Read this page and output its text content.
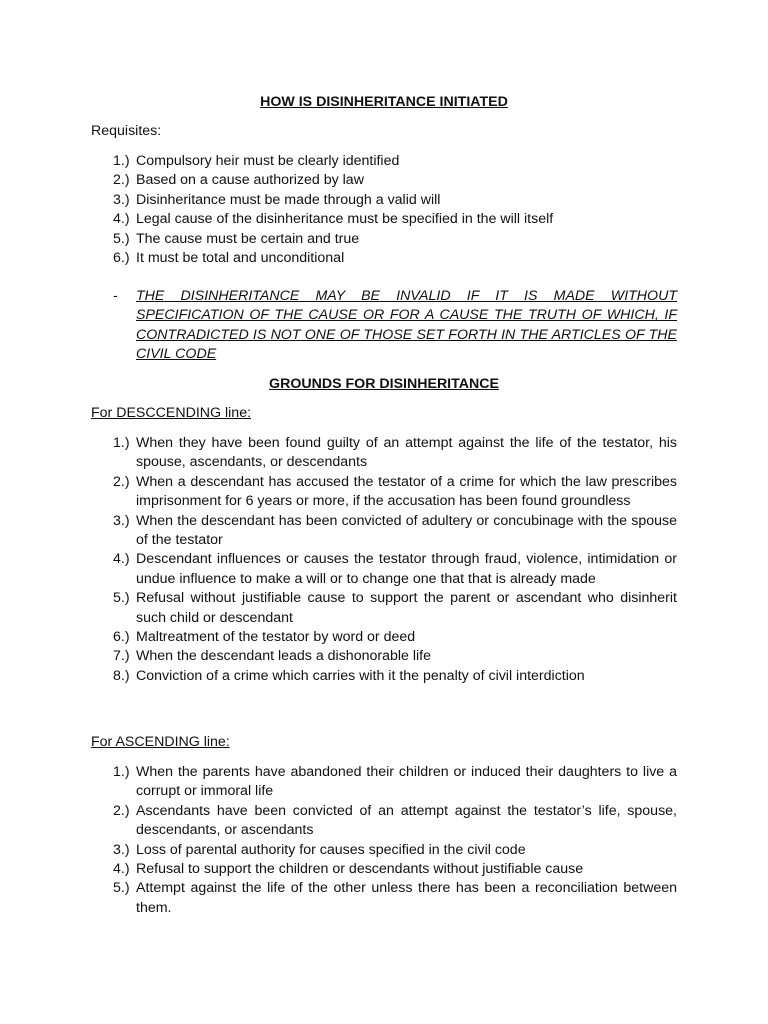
HOW IS DISINHERITANCE INITIATED
Requisites:
1.) Compulsory heir must be clearly identified
2.) Based on a cause authorized by law
3.) Disinheritance must be made through a valid will
4.) Legal cause of the disinheritance must be specified in the will itself
5.) The cause must be certain and true
6.) It must be total and unconditional
- THE DISINHERITANCE MAY BE INVALID IF IT IS MADE WITHOUT SPECIFICATION OF THE CAUSE OR FOR A CAUSE THE TRUTH OF WHICH, IF CONTRADICTED IS NOT ONE OF THOSE SET FORTH IN THE ARTICLES OF THE CIVIL CODE
GROUNDS FOR DISINHERITANCE
For DESCCENDING line:
1.) When they have been found guilty of an attempt against the life of the testator, his spouse, ascendants, or descendants
2.) When a descendant has accused the testator of a crime for which the law prescribes imprisonment for 6 years or more, if the accusation has been found groundless
3.) When the descendant has been convicted of adultery or concubinage with the spouse of the testator
4.) Descendant influences or causes the testator through fraud, violence, intimidation or undue influence to make a will or to change one that that is already made
5.) Refusal without justifiable cause to support the parent or ascendant who disinherit such child or descendant
6.) Maltreatment of the testator by word or deed
7.) When the descendant leads a dishonorable life
8.) Conviction of a crime which carries with it the penalty of civil interdiction
For ASCENDING line:
1.) When the parents have abandoned their children or induced their daughters to live a corrupt or immoral life
2.) Ascendants have been convicted of an attempt against the testator’s life, spouse, descendants, or ascendants
3.) Loss of parental authority for causes specified in the civil code
4.) Refusal to support the children or descendants without justifiable cause
5.) Attempt against the life of the other unless there has been a reconciliation between them.
